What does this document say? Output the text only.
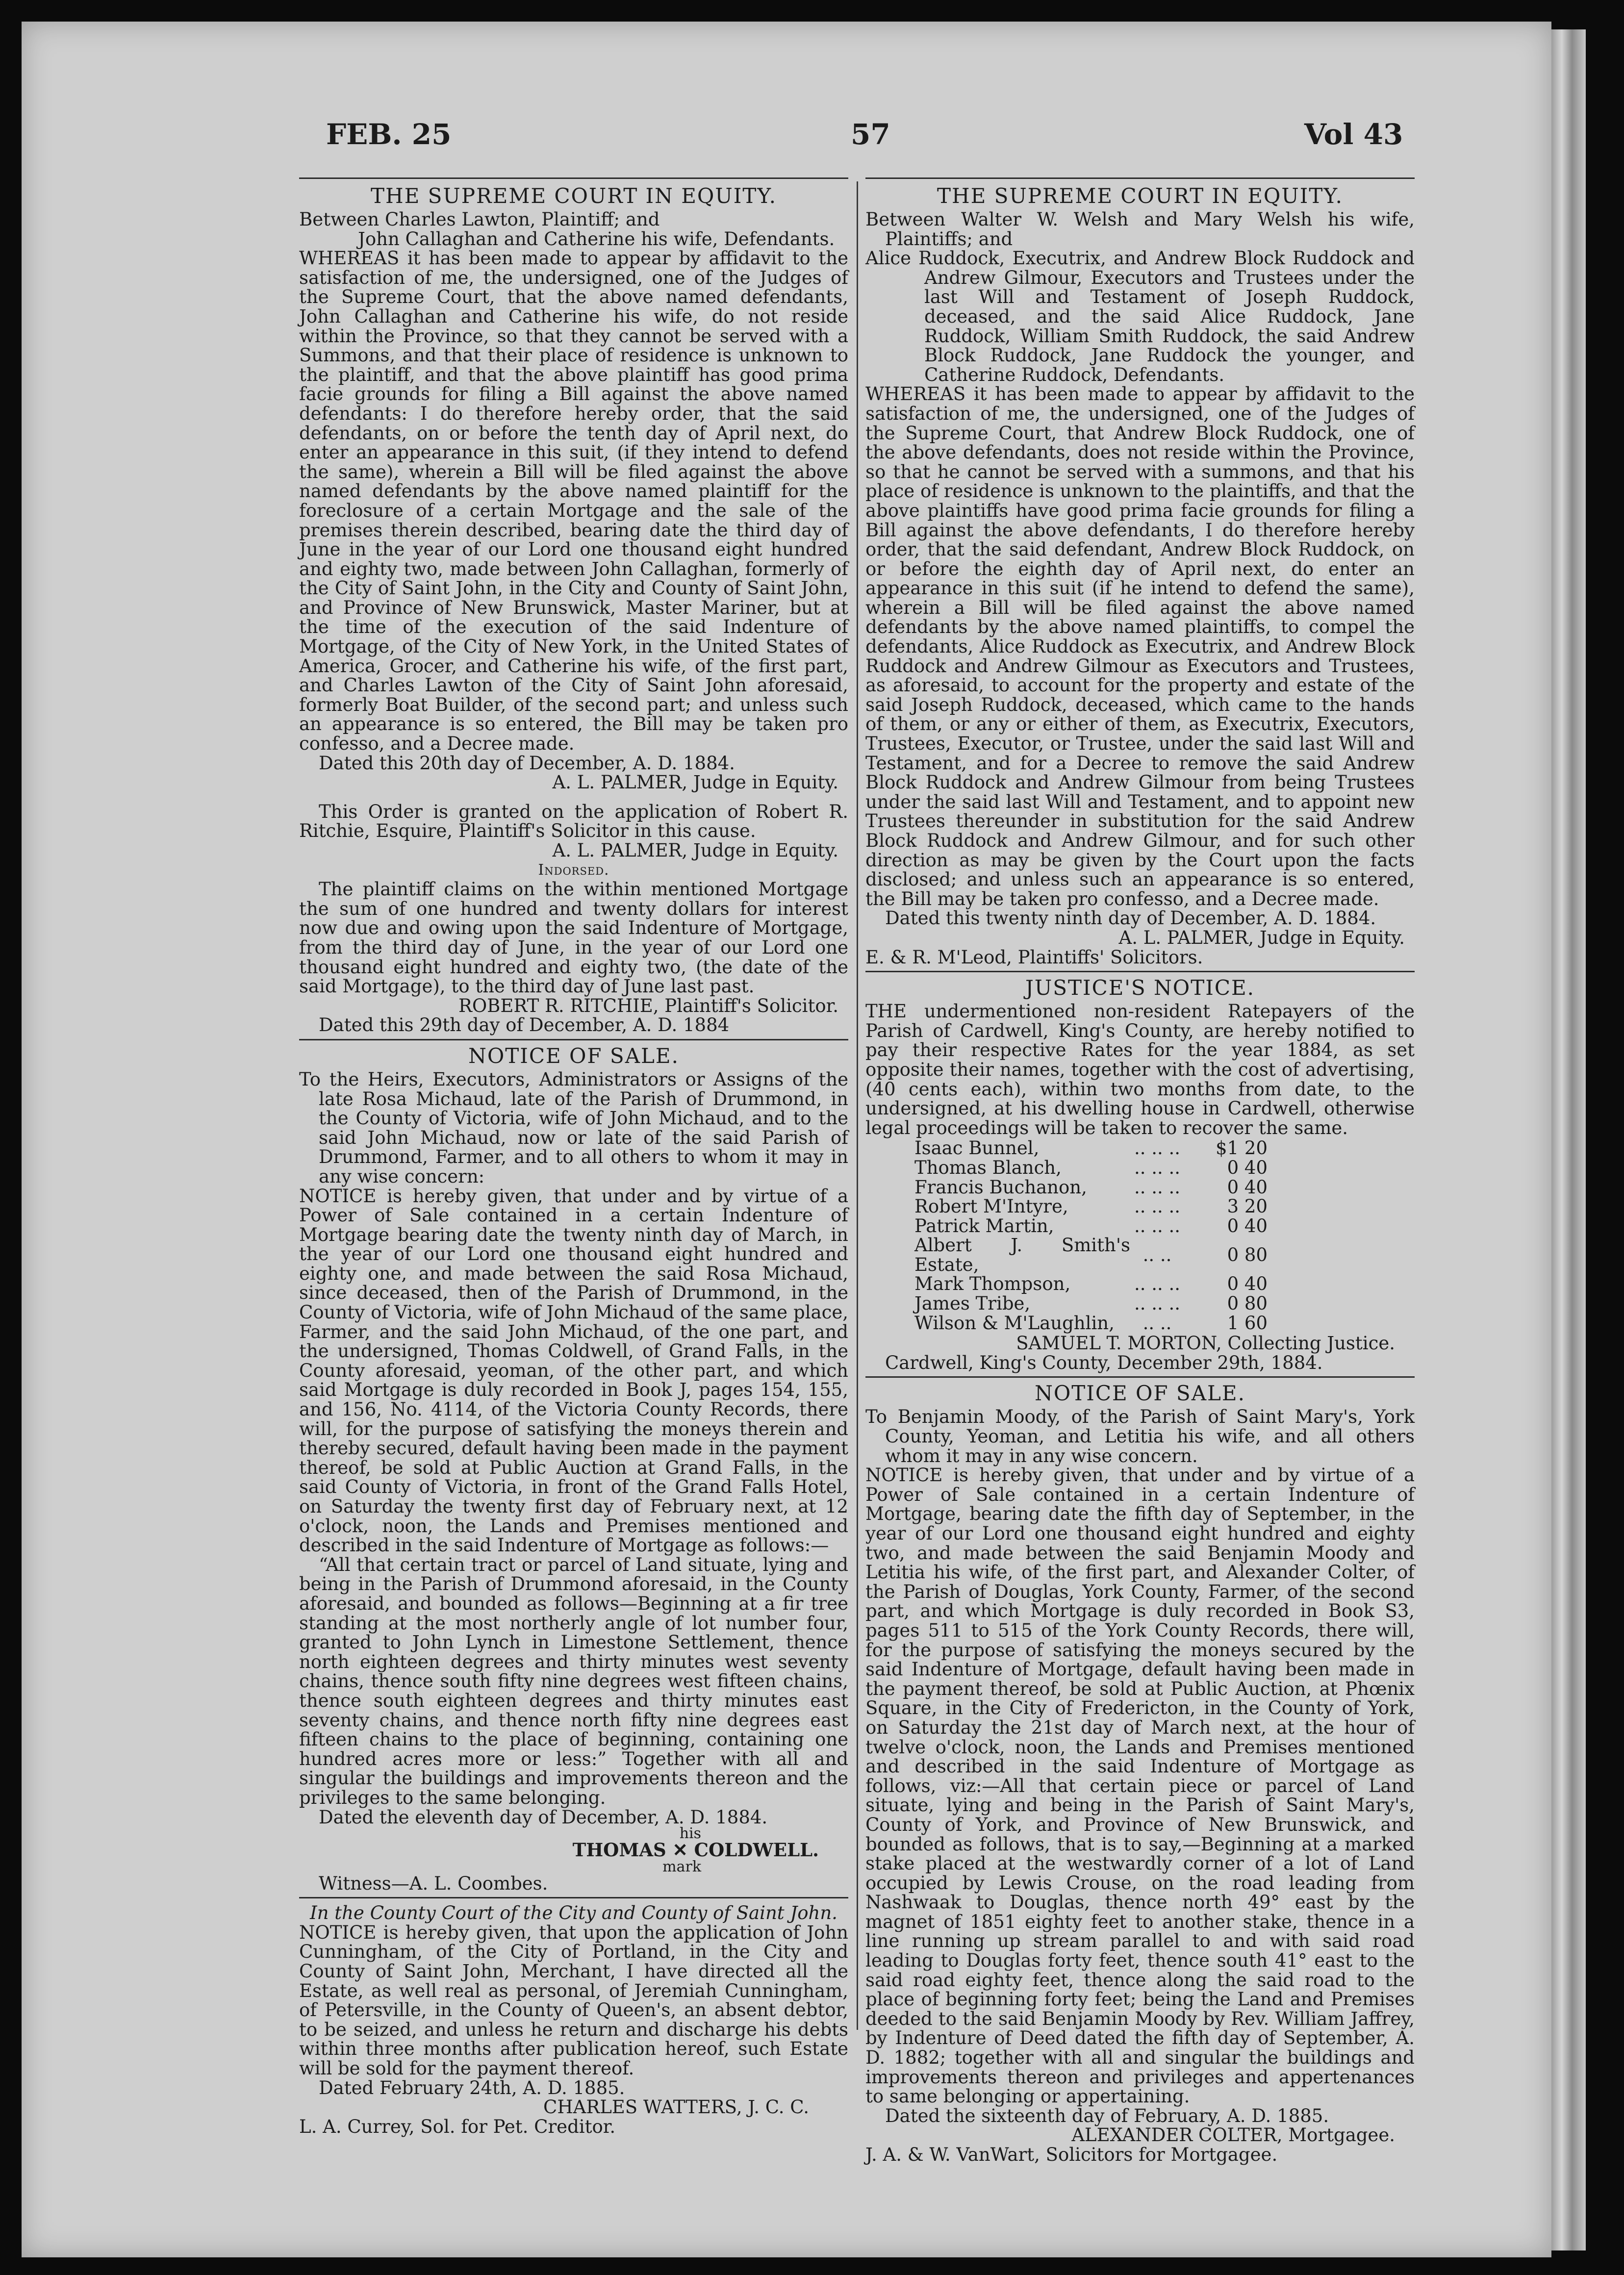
FEB. 25	57	Vol 43
THE SUPREME COURT IN EQUITY.

Between Charles Lawton, Plaintiff; and

John Callaghan and Catherine his wife, Defendants.

WHEREAS it has been made to appear by affidavit to the satisfaction of me, the undersigned, one of the Judges of the Supreme Court, that the above named defendants, John Callaghan and Catherine his wife, do not reside within the Province, so that they cannot be served with a Summons, and that their place of residence is unknown to the plaintiff, and that the above plaintiff has good prima facie grounds for filing a Bill against the above named defendants: I do therefore hereby order, that the said defendants, on or before the tenth day of April next, do enter an appearance in this suit, (if they intend to defend the same), wherein a Bill will be filed against the above named defendants by the above named plaintiff for the foreclosure of a certain Mortgage and the sale of the premises therein described, bearing date the third day of June in the year of our Lord one thousand eight hundred and eighty two, made between John Callaghan, formerly of the City of Saint John, in the City and County of Saint John, and Province of New Brunswick, Master Mariner, but at the time of the execution of the said Indenture of Mortgage, of the City of New York, in the United States of America, Grocer, and Catherine his wife, of the first part, and Charles Lawton of the City of Saint John aforesaid, formerly Boat Builder, of the second part; and unless such an appearance is so entered, the Bill may be taken pro confesso, and a Decree made.

Dated this 20th day of December, A. D. 1884.

A. L. PALMER, Judge in Equity.

This Order is granted on the application of Robert R. Ritchie, Esquire, Plaintiff's Solicitor in this cause.

A. L. PALMER, Judge in Equity.

Indorsed.

The plaintiff claims on the within mentioned Mortgage the sum of one hundred and twenty dollars for interest now due and owing upon the said Indenture of Mortgage, from the third day of June, in the year of our Lord one thousand eight hundred and eighty two, (the date of the said Mortgage), to the third day of June last past.

ROBERT R. RITCHIE, Plaintiff's Solicitor.

Dated this 29th day of December, A. D. 1884

NOTICE OF SALE.

To the Heirs, Executors, Administrators or Assigns of the late Rosa Michaud, late of the Parish of Drummond, in the County of Victoria, wife of John Michaud, and to the said John Michaud, now or late of the said Parish of Drummond, Farmer, and to all others to whom it may in any wise concern:

NOTICE is hereby given, that under and by virtue of a Power of Sale contained in a certain Indenture of Mortgage bearing date the twenty ninth day of March, in the year of our Lord one thousand eight hundred and eighty one, and made between the said Rosa Michaud, since deceased, then of the Parish of Drummond, in the County of Victoria, wife of John Michaud of the same place, Farmer, and the said John Michaud, of the one part, and the undersigned, Thomas Coldwell, of Grand Falls, in the County aforesaid, yeoman, of the other part, and which said Mortgage is duly recorded in Book J, pages 154, 155, and 156, No. 4114, of the Victoria County Records, there will, for the purpose of satisfying the moneys therein and thereby secured, default having been made in the payment thereof, be sold at Public Auction at Grand Falls, in the said County of Victoria, in front of the Grand Falls Hotel, on Saturday the twenty first day of February next, at 12 o'clock, noon, the Lands and Premises mentioned and described in the said Indenture of Mortgage as follows:—

“All that certain tract or parcel of Land situate, lying and being in the Parish of Drummond aforesaid, in the County aforesaid, and bounded as follows—Beginning at a fir tree standing at the most northerly angle of lot number four, granted to John Lynch in Limestone Settlement, thence north eighteen degrees and thirty minutes west seventy chains, thence south fifty nine degrees west fifteen chains, thence south eighteen degrees and thirty minutes east seventy chains, and thence north fifty nine degrees east fifteen chains to the place of beginning, containing one hundred acres more or less:” Together with all and singular the buildings and improvements thereon and the privileges to the same belonging.

Dated the eleventh day of December, A. D. 1884.

his

THOMAS ✕ COLDWELL.

mark

Witness—A. L. Coombes.

In the County Court of the City and County of Saint John.

NOTICE is hereby given, that upon the application of John Cunningham, of the City of Portland, in the City and County of Saint John, Merchant, I have directed all the Estate, as well real as personal, of Jeremiah Cunningham, of Petersville, in the County of Queen's, an absent debtor, to be seized, and unless he return and discharge his debts within three months after publication hereof, such Estate will be sold for the payment thereof.

Dated February 24th, A. D. 1885.

CHARLES WATTERS, J. C. C.

L. A. Currey, Sol. for Pet. Creditor.

THE SUPREME COURT IN EQUITY.

Between Walter W. Welsh and Mary Welsh his wife, Plaintiffs; and

Alice Ruddock, Executrix, and Andrew Block Ruddock and Andrew Gilmour, Executors and Trustees under the last Will and Testament of Joseph Ruddock, deceased, and the said Alice Ruddock, Jane Ruddock, William Smith Ruddock, the said Andrew Block Ruddock, Jane Ruddock the younger, and Catherine Ruddock, Defendants.

WHEREAS it has been made to appear by affidavit to the satisfaction of me, the undersigned, one of the Judges of the Supreme Court, that Andrew Block Ruddock, one of the above defendants, does not reside within the Province, so that he cannot be served with a summons, and that his place of residence is unknown to the plaintiffs, and that the above plaintiffs have good prima facie grounds for filing a Bill against the above defendants, I do therefore hereby order, that the said defendant, Andrew Block Ruddock, on or before the eighth day of April next, do enter an appearance in this suit (if he intend to defend the same), wherein a Bill will be filed against the above named defendants by the above named plaintiffs, to compel the defendants, Alice Ruddock as Executrix, and Andrew Block Ruddock and Andrew Gilmour as Executors and Trustees, as aforesaid, to account for the property and estate of the said Joseph Ruddock, deceased, which came to the hands of them, or any or either of them, as Executrix, Executors, Trustees, Executor, or Trustee, under the said last Will and Testament, and for a Decree to remove the said Andrew Block Ruddock and Andrew Gilmour from being Trustees under the said last Will and Testament, and to appoint new Trustees thereunder in substitution for the said Andrew Block Ruddock and Andrew Gilmour, and for such other direction as may be given by the Court upon the facts disclosed; and unless such an appearance is so entered, the Bill may be taken pro confesso, and a Decree made.

Dated this twenty ninth day of December, A. D. 1884.

A. L. PALMER, Judge in Equity.

E. & R. M'Leod, Plaintiffs' Solicitors.

JUSTICE'S NOTICE.

THE undermentioned non-resident Ratepayers of the Parish of Cardwell, King's County, are hereby notified to pay their respective Rates for the year 1884, as set opposite their names, together with the cost of advertising, (40 cents each), within two months from date, to the undersigned, at his dwelling house in Cardwell, otherwise legal proceedings will be taken to recover the same.

Isaac Bunnel,	.. .. ..	$1 20
Thomas Blanch,	.. .. ..	0 40
Francis Buchanon,	.. .. ..	0 40
Robert M'Intyre,	.. .. ..	3 20
Patrick Martin,	.. .. ..	0 40
Albert J. Smith's Estate,	.. ..	0 80
Mark Thompson,	.. .. ..	0 40
James Tribe,	.. .. ..	0 80
Wilson & M'Laughlin,	.. ..	1 60

SAMUEL T. MORTON, Collecting Justice.

Cardwell, King's County, December 29th, 1884.

NOTICE OF SALE.

To Benjamin Moody, of the Parish of Saint Mary's, York County, Yeoman, and Letitia his wife, and all others whom it may in any wise concern.

NOTICE is hereby given, that under and by virtue of a Power of Sale contained in a certain Indenture of Mortgage, bearing date the fifth day of September, in the year of our Lord one thousand eight hundred and eighty two, and made between the said Benjamin Moody and Letitia his wife, of the first part, and Alexander Colter, of the Parish of Douglas, York County, Farmer, of the second part, and which Mortgage is duly recorded in Book S3, pages 511 to 515 of the York County Records, there will, for the purpose of satisfying the moneys secured by the said Indenture of Mortgage, default having been made in the payment thereof, be sold at Public Auction, at Phœnix Square, in the City of Fredericton, in the County of York, on Saturday the 21st day of March next, at the hour of twelve o'clock, noon, the Lands and Premises mentioned and described in the said Indenture of Mortgage as follows, viz:—All that certain piece or parcel of Land situate, lying and being in the Parish of Saint Mary's, County of York, and Province of New Brunswick, and bounded as follows, that is to say,—Beginning at a marked stake placed at the westwardly corner of a lot of Land occupied by Lewis Crouse, on the road leading from Nashwaak to Douglas, thence north 49° east by the magnet of 1851 eighty feet to another stake, thence in a line running up stream parallel to and with said road leading to Douglas forty feet, thence south 41° east to the said road eighty feet, thence along the said road to the place of beginning forty feet; being the Land and Premises deeded to the said Benjamin Moody by Rev. William Jaffrey, by Indenture of Deed dated the fifth day of September, A. D. 1882; together with all and singular the buildings and improvements thereon and privileges and appertenances to same belonging or appertaining.

Dated the sixteenth day of February, A. D. 1885.

ALEXANDER COLTER, Mortgagee.

J. A. & W. VanWart, Solicitors for Mortgagee.
